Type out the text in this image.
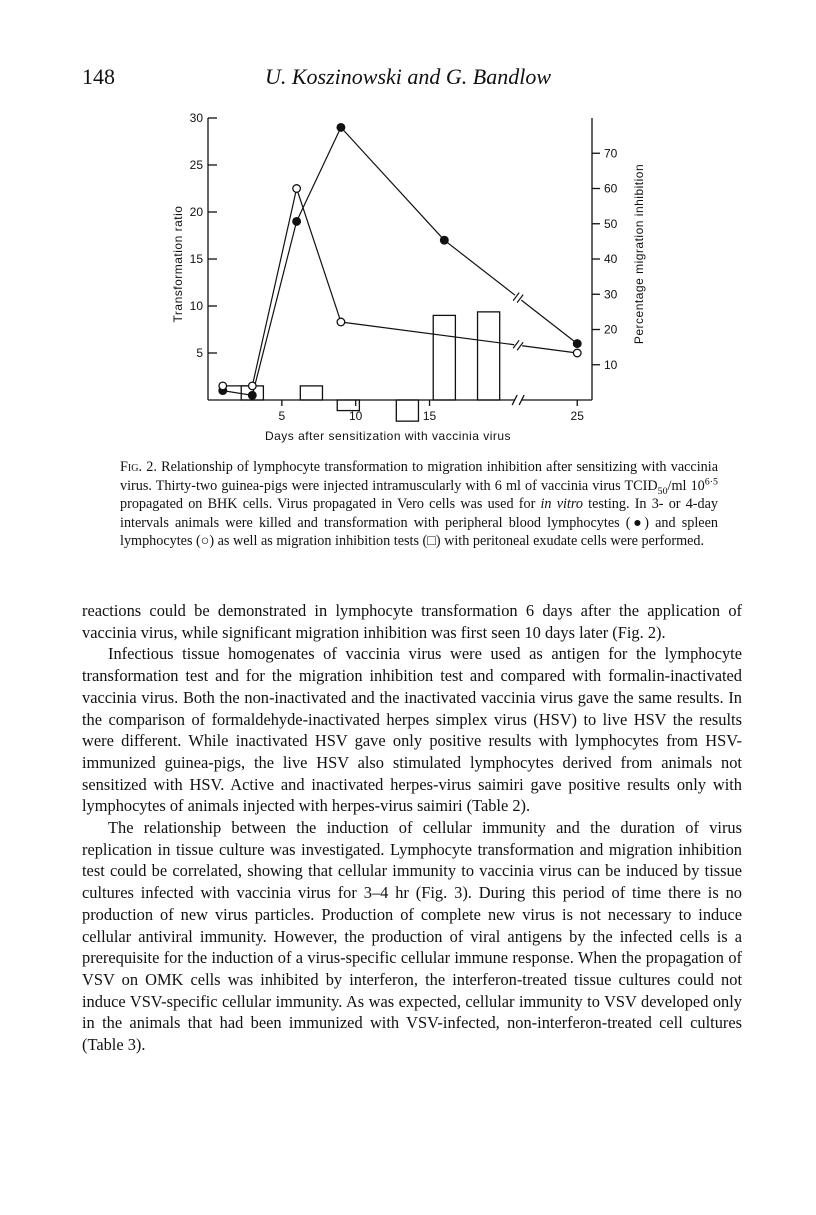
148	U. Koszinowski and G. Bandlow
5
10
15
20
25
30
10
20
30
40
50
60
70
5	10	15	25
Transformation ratio	Percentage migration inhibition
Days after sensitization with vaccinia virus
Fig. 2. Relationship of lymphocyte transformation to migration inhibition after sensitizing with vaccinia virus. Thirty-two guinea-pigs were injected intramuscularly with 6 ml of vaccinia virus $TCID_{50}/ml$ $10^{6\cdot 5}$ propagated on BHK cells. Virus propagated in Vero cells was used for in vitro testing. In 3- or 4-day intervals animals were killed and transformation with peripheral blood lymphocytes (●) and spleen lymphocytes (○) as well as migration inhibition tests (□) with peritoneal exudate cells were performed.

reactions could be demonstrated in lymphocyte transformation 6 days after the application of vaccinia virus, while significant migration inhibition was first seen 10 days later (Fig. 2).

Infectious tissue homogenates of vaccinia virus were used as antigen for the lymphocyte transformation test and for the migration inhibition test and compared with formalin-inactivated vaccinia virus. Both the non-inactivated and the inactivated vaccinia virus gave the same results. In the comparison of formaldehyde-inactivated herpes simplex virus (HSV) to live HSV the results were different. While inactivated HSV gave only positive results with lymphocytes from HSV-immunized guinea-pigs, the live HSV also stimulated lymphocytes derived from animals not sensitized with HSV. Active and inactivated herpes-virus saimiri gave positive results only with lymphocytes of animals injected with herpes-virus saimiri (Table 2).

The relationship between the induction of cellular immunity and the duration of virus replication in tissue culture was investigated. Lymphocyte transformation and migration inhibition test could be correlated, showing that cellular immunity to vaccinia virus can be induced by tissue cultures infected with vaccinia virus for 3–4 hr (Fig. 3). During this period of time there is no production of new virus particles. Production of complete new virus is not necessary to induce cellular antiviral immunity. However, the production of viral antigens by the infected cells is a prerequisite for the induction of a virus-specific cellular immune response. When the propagation of VSV on OMK cells was inhibited by interferon, the interferon-treated tissue cultures could not induce VSV-specific cellular immunity. As was expected, cellular immunity to VSV developed only in the animals that had been immunized with VSV-infected, non-interferon-treated cell cultures (Table 3).
